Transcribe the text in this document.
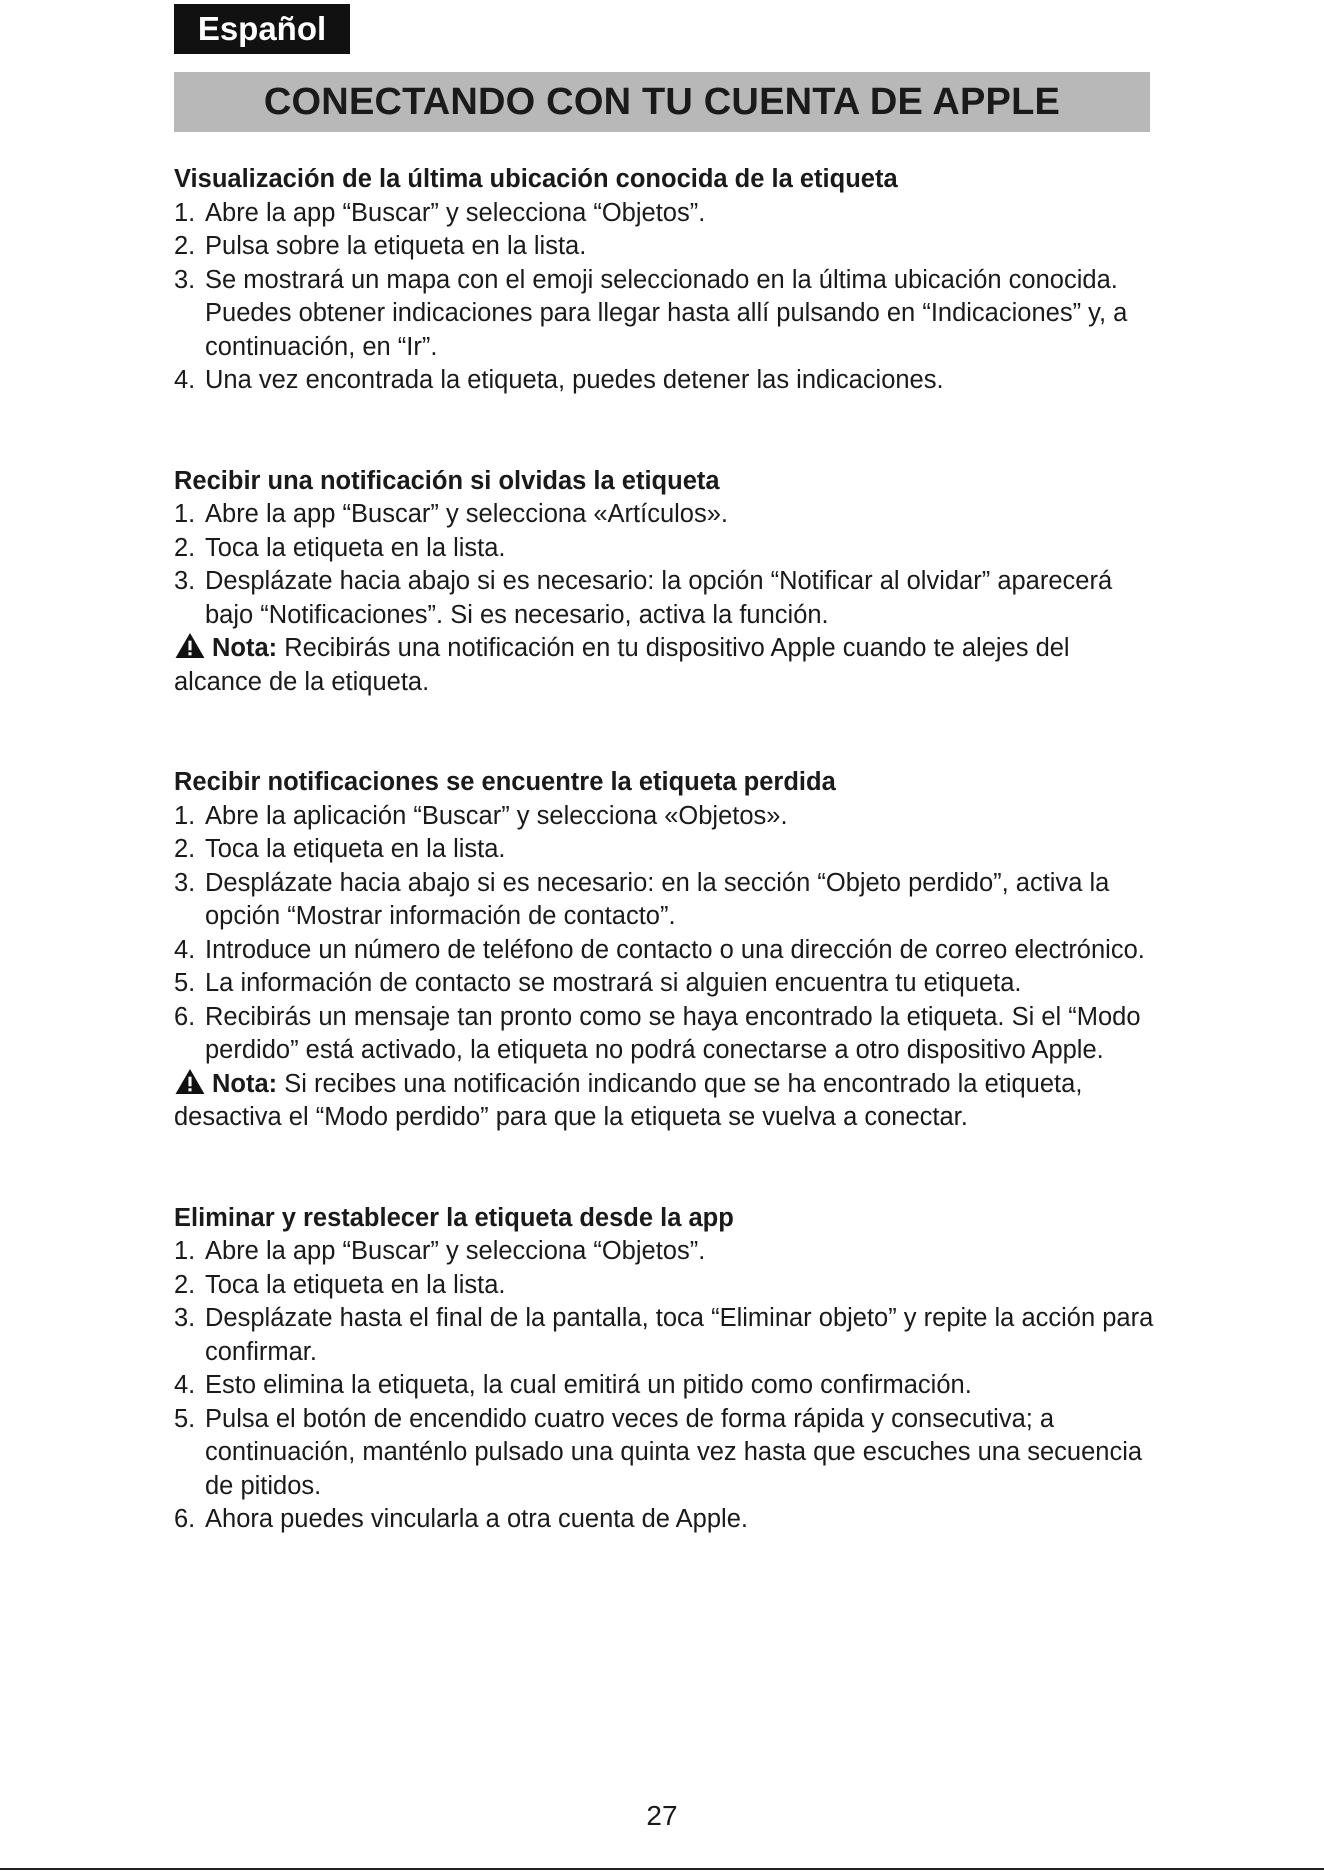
Español
CONECTANDO CON TU CUENTA DE APPLE

Visualización de la última ubicación conocida de la etiqueta

1. Abre la app “Buscar” y selecciona “Objetos”.
2. Pulsa sobre la etiqueta en la lista.
3. Se mostrará un mapa con el emoji seleccionado en la última ubicación conocida. Puedes obtener indicaciones para llegar hasta allí pulsando en “Indicaciones” y, a continuación, en “Ir”.
4. Una vez encontrada la etiqueta, puedes detener las indicaciones.

Recibir una notificación si olvidas la etiqueta

1. Abre la app “Buscar” y selecciona «Artículos».
2. Toca la etiqueta en la lista.
3. Desplázate hacia abajo si es necesario: la opción “Notificar al olvidar” aparecerá bajo “Notificaciones”. Si es necesario, activa la función.

Nota: Recibirás una notificación en tu dispositivo Apple cuando te alejes del alcance de la etiqueta.

Recibir notificaciones se encuentre la etiqueta perdida

1. Abre la aplicación “Buscar” y selecciona «Objetos».
2. Toca la etiqueta en la lista.
3. Desplázate hacia abajo si es necesario: en la sección “Objeto perdido”, activa la opción “Mostrar información de contacto”.
4. Introduce un número de teléfono de contacto o una dirección de correo electrónico.
5. La información de contacto se mostrará si alguien encuentra tu etiqueta.
6. Recibirás un mensaje tan pronto como se haya encontrado la etiqueta. Si el “Modo perdido” está activado, la etiqueta no podrá conectarse a otro dispositivo Apple.

Nota: Si recibes una notificación indicando que se ha encontrado la etiqueta, desactiva el “Modo perdido” para que la etiqueta se vuelva a conectar.

Eliminar y restablecer la etiqueta desde la app

1. Abre la app “Buscar” y selecciona “Objetos”.
2. Toca la etiqueta en la lista.
3. Desplázate hasta el final de la pantalla, toca “Eliminar objeto” y repite la acción para confirmar.
4. Esto elimina la etiqueta, la cual emitirá un pitido como confirmación.
5. Pulsa el botón de encendido cuatro veces de forma rápida y consecutiva; a continuación, manténlo pulsado una quinta vez hasta que escuches una secuencia de pitidos.
6. Ahora puedes vincularla a otra cuenta de Apple.
27
